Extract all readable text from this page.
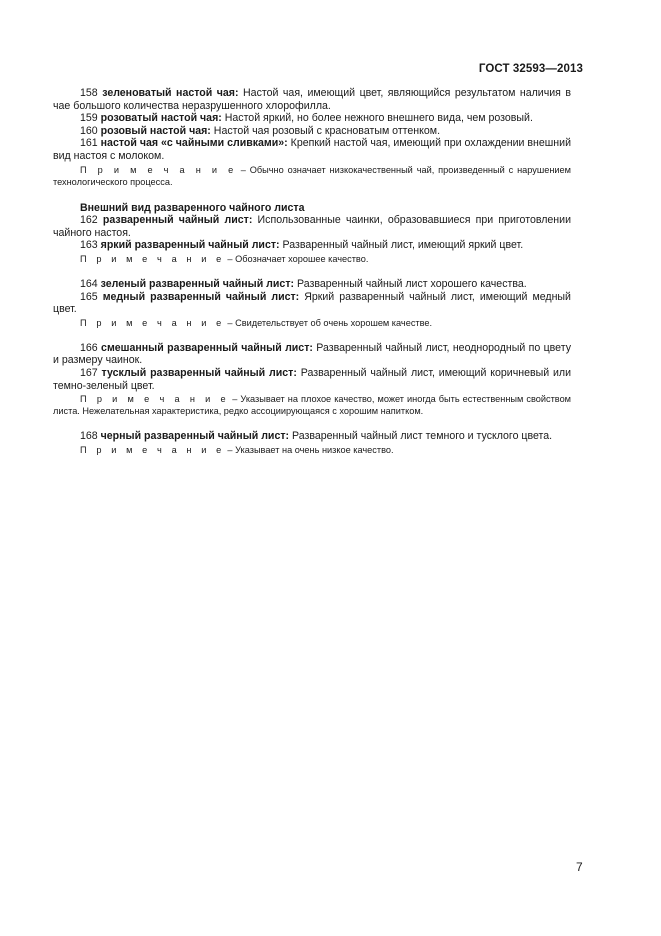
ГОСТ 32593—2013

158 зеленоватый настой чая: Настой чая, имеющий цвет, являющийся результатом наличия в чае большого количества неразрушенного хлорофилла.

159 розоватый настой чая: Настой яркий, но более нежного внешнего вида, чем розовый.

160 розовый настой чая: Настой чая розовый с красноватым оттенком.

161 настой чая «с чайными сливками»: Крепкий настой чая, имеющий при охлаждении внешний вид настоя с молоком.

П р и м е ч а н и е – Обычно означает низкокачественный чай, произведенный с нарушением технологического процесса.

Внешний вид разваренного чайного листа

162 разваренный чайный лист: Использованные чаинки, образовавшиеся при приготовлении чайного настоя.

163 яркий разваренный чайный лист: Разваренный чайный лист, имеющий яркий цвет.

П р и м е ч а н и е – Обозначает хорошее качество.

164 зеленый разваренный чайный лист: Разваренный чайный лист хорошего качества.

165 медный разваренный чайный лист: Яркий разваренный чайный лист, имеющий медный цвет.

П р и м е ч а н и е – Свидетельствует об очень хорошем качестве.

166 смешанный разваренный чайный лист: Разваренный чайный лист, неоднородный по цвету и размеру чаинок.

167 тусклый разваренный чайный лист: Разваренный чайный лист, имеющий коричневый или темно-зеленый цвет.

П р и м е ч а н и е – Указывает на плохое качество, может иногда быть естественным свойством листа. Нежелательная характеристика, редко ассоциирующаяся с хорошим напитком.

168 черный разваренный чайный лист: Разваренный чайный лист темного и тусклого цвета.

П р и м е ч а н и е – Указывает на очень низкое качество.

7
